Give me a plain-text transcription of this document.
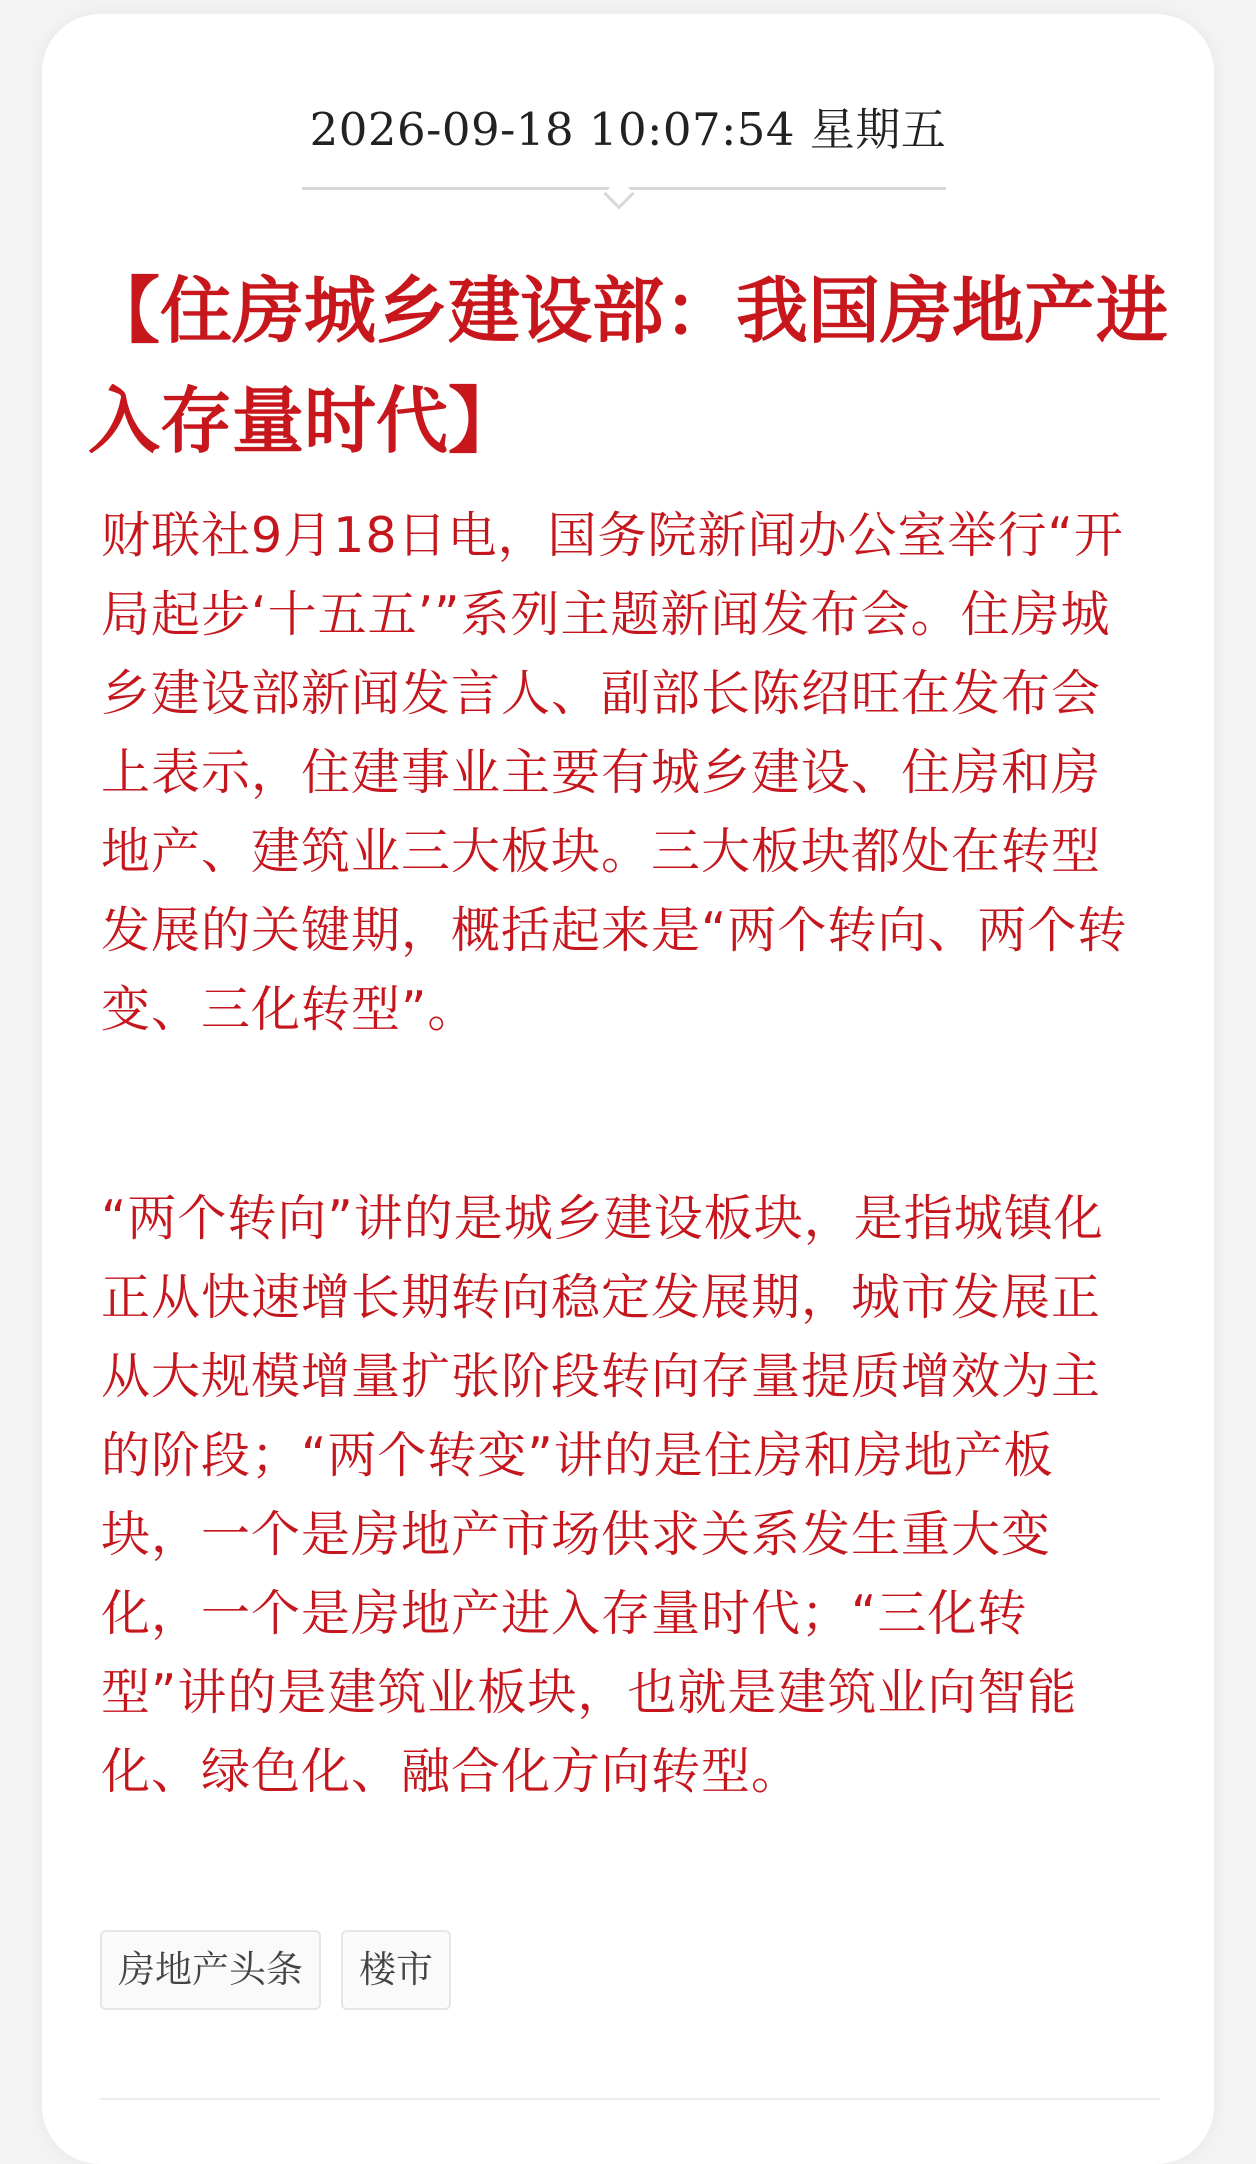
2026-09-18 10:07:54 星期五
【住房城乡建设部：我国房地产进入存量时代】

财联社9月18日电，国务院新闻办公室举行“开局起步‘十五五’”系列主题新闻发布会。住房城乡建设部新闻发言人、副部长陈绍旺在发布会上表示，住建事业主要有城乡建设、住房和房地产、建筑业三大板块。三大板块都处在转型发展的关键期，概括起来是“两个转向、两个转变、三化转型”。

“两个转向”讲的是城乡建设板块，是指城镇化正从快速增长期转向稳定发展期，城市发展正从大规模增量扩张阶段转向存量提质增效为主的阶段；“两个转变”讲的是住房和房地产板块，一个是房地产市场供求关系发生重大变化，一个是房地产进入存量时代；“三化转型”讲的是建筑业板块，也就是建筑业向智能化、绿色化、融合化方向转型。

房地产头条	楼市
